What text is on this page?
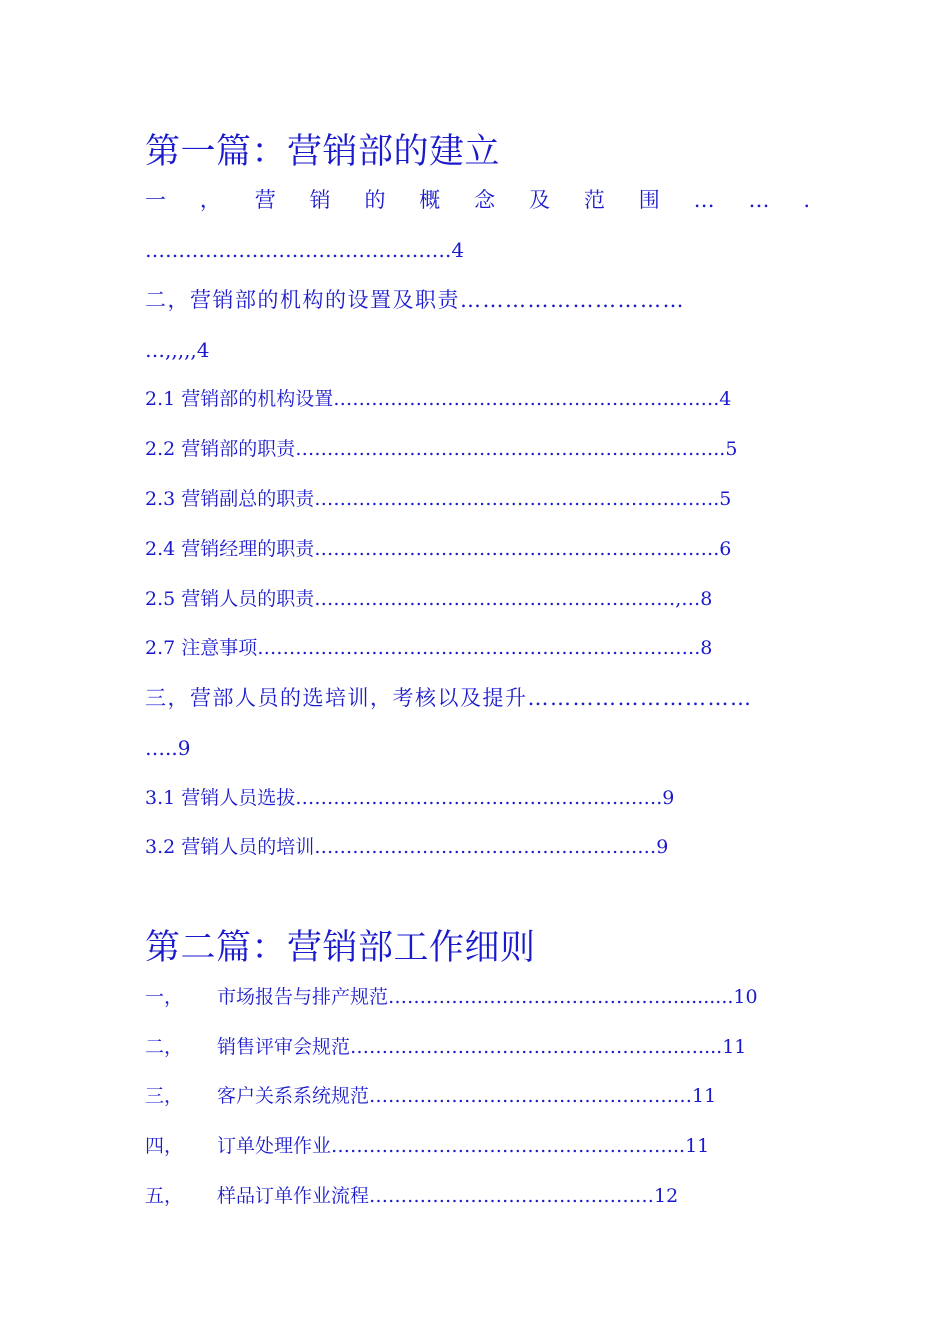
第一篇：营销部的建立
一 ， 营 销 的 概 念 及 范 围 … … .
……………………………………….4
二，营销部的机构的设置及职责…………………………
…,,,,,4
2.1 营销部的机构设置…………………………………………………….4
2.2 营销部的职责…………………………………………………………..5
2.3 营销副总的职责……………………………………………………….5
2.4 营销经理的职责……………………………………………………….6
2.5 营销人员的职责…………………………………………………,…8
2.7 注意事项…………………………………………………………….8
三，营部人员的选培训，考核以及提升…………………………
…..9
3.1 营销人员选拔………………………………………………….9
3.2 营销人员的培训………………………………………………9
第二篇：营销部工作细则
一， 市场报告与排产规范………………………………………..........10
二， 销售评审会规范…………………………………………….…....11
三， 客户关系系统规范……………………………………………11
四， 订单处理作业………………………………………………..11
五， 样品订单作业流程………………………………………12
